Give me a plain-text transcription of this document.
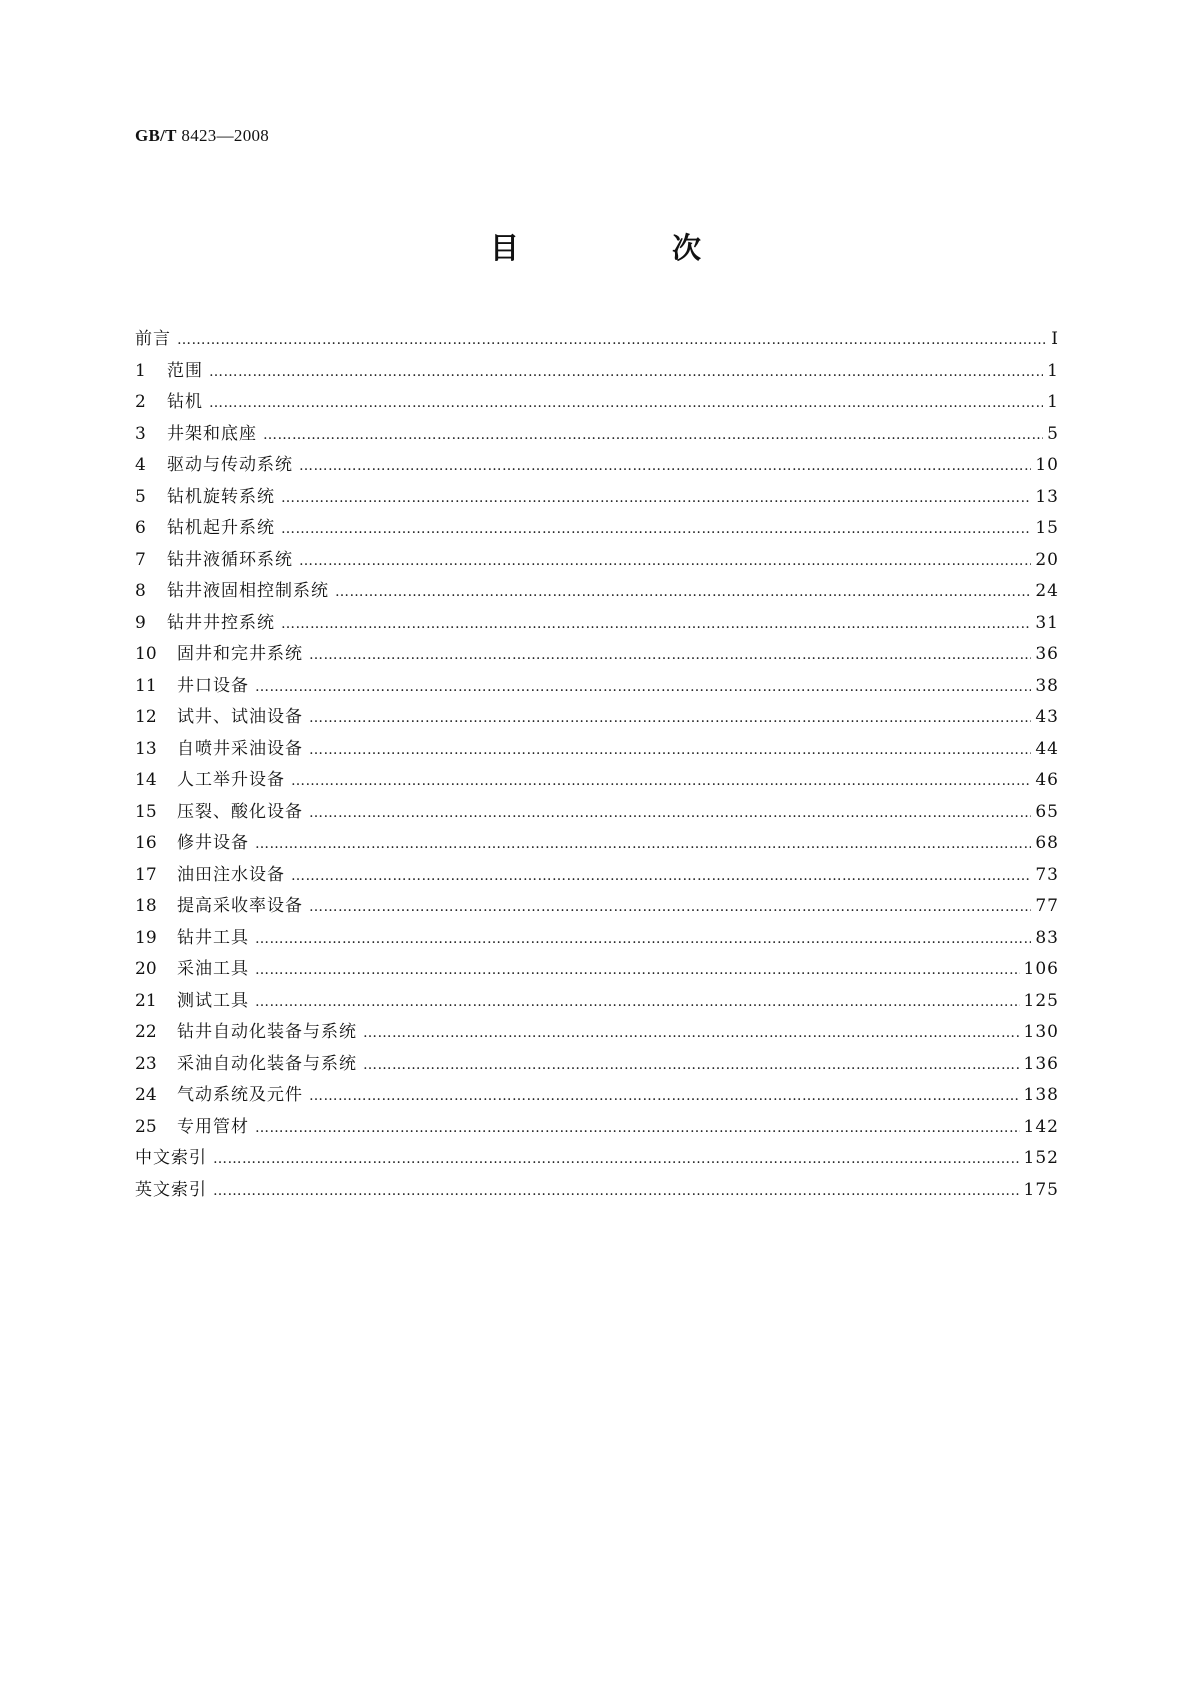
GB/T 8423—2008
目　次
前言 …………………………………………………………………………………………………………………………………………………………………………………………………………………………………………………………………………	Ⅰ
1	范围 …………………………………………………………………………………………………………………………………………………………………………………………………………………………………………………………………………	1
2	钻机 …………………………………………………………………………………………………………………………………………………………………………………………………………………………………………………………………………	1
3	井架和底座 …………………………………………………………………………………………………………………………………………………………………………………………………………………………………………………………………………	5
4	驱动与传动系统 …………………………………………………………………………………………………………………………………………………………………………………………………………………………………………………………………………	10
5	钻机旋转系统 …………………………………………………………………………………………………………………………………………………………………………………………………………………………………………………………………………	13
6	钻机起升系统 …………………………………………………………………………………………………………………………………………………………………………………………………………………………………………………………………………	15
7	钻井液循环系统 …………………………………………………………………………………………………………………………………………………………………………………………………………………………………………………………………………	20
8	钻井液固相控制系统 …………………………………………………………………………………………………………………………………………………………………………………………………………………………………………………………………………	24
9	钻井井控系统 …………………………………………………………………………………………………………………………………………………………………………………………………………………………………………………………………………	31
10	固井和完井系统 …………………………………………………………………………………………………………………………………………………………………………………………………………………………………………………………………………	36
11	井口设备 …………………………………………………………………………………………………………………………………………………………………………………………………………………………………………………………………………	38
12	试井、试油设备 …………………………………………………………………………………………………………………………………………………………………………………………………………………………………………………………………………	43
13	自喷井采油设备 …………………………………………………………………………………………………………………………………………………………………………………………………………………………………………………………………………	44
14	人工举升设备 …………………………………………………………………………………………………………………………………………………………………………………………………………………………………………………………………………	46
15	压裂、酸化设备 …………………………………………………………………………………………………………………………………………………………………………………………………………………………………………………………………………	65
16	修井设备 …………………………………………………………………………………………………………………………………………………………………………………………………………………………………………………………………………	68
17	油田注水设备 …………………………………………………………………………………………………………………………………………………………………………………………………………………………………………………………………………	73
18	提高采收率设备 …………………………………………………………………………………………………………………………………………………………………………………………………………………………………………………………………………	77
19	钻井工具 …………………………………………………………………………………………………………………………………………………………………………………………………………………………………………………………………………	83
20	采油工具 …………………………………………………………………………………………………………………………………………………………………………………………………………………………………………………………………………	106
21	测试工具 …………………………………………………………………………………………………………………………………………………………………………………………………………………………………………………………………………	125
22	钻井自动化装备与系统 …………………………………………………………………………………………………………………………………………………………………………………………………………………………………………………………………………	130
23	采油自动化装备与系统 …………………………………………………………………………………………………………………………………………………………………………………………………………………………………………………………………………	136
24	气动系统及元件 …………………………………………………………………………………………………………………………………………………………………………………………………………………………………………………………………………	138
25	专用管材 …………………………………………………………………………………………………………………………………………………………………………………………………………………………………………………………………………	142
中文索引 …………………………………………………………………………………………………………………………………………………………………………………………………………………………………………………………………………	152
英文索引 …………………………………………………………………………………………………………………………………………………………………………………………………………………………………………………………………………	175
